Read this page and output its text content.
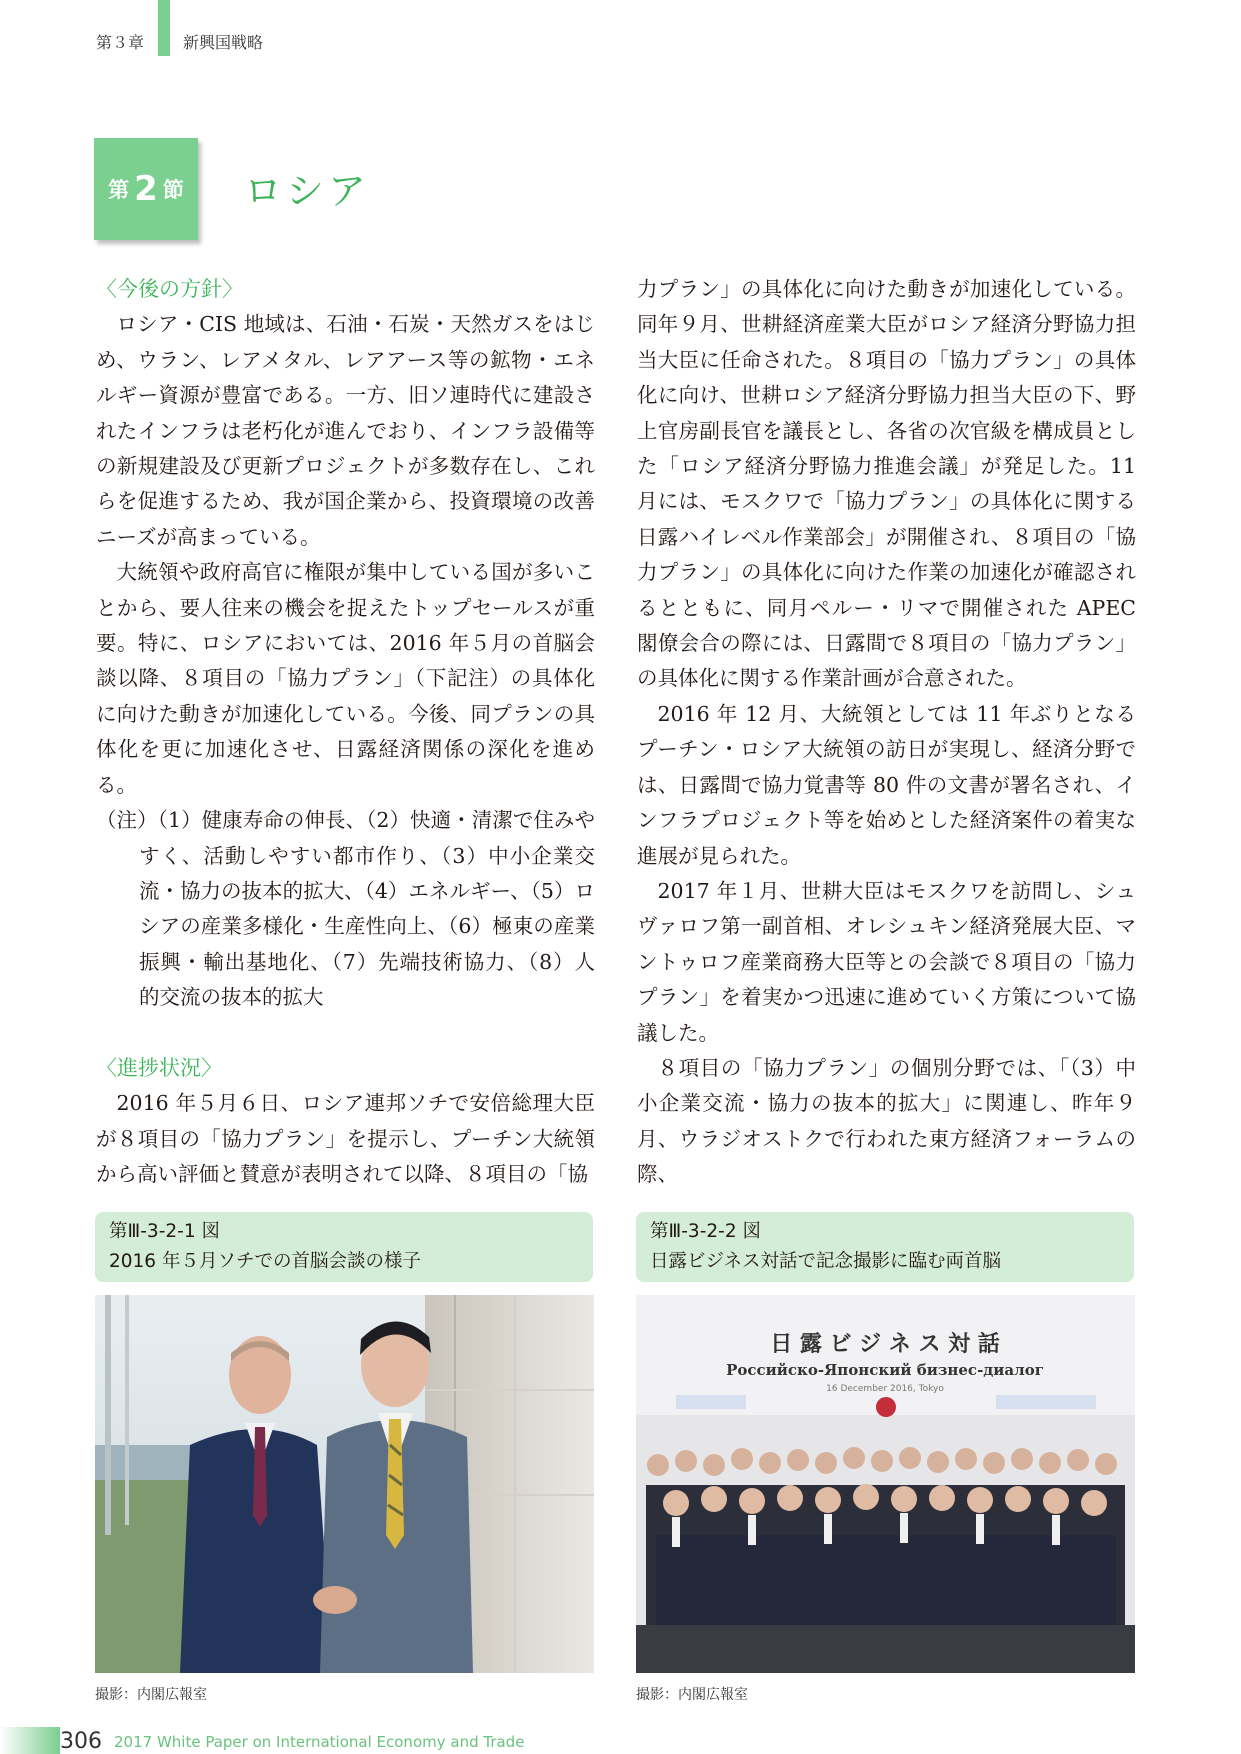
第３章 新興国戦略
第 2 節 ロシア

〈今後の方針〉

ロシア・CIS 地域は、石油・石炭・天然ガスをはじめ、ウラン、レアメタル、レアアース等の鉱物・エネルギー資源が豊富である。一方、旧ソ連時代に建設されたインフラは老朽化が進んでおり、インフラ設備等の新規建設及び更新プロジェクトが多数存在し、これらを促進するため、我が国企業から、投資環境の改善ニーズが高まっている。

大統領や政府高官に権限が集中している国が多いことから、要人往来の機会を捉えたトップセールスが重要。特に、ロシアにおいては、2016 年５月の首脳会談以降、８項目の「協力プラン」（下記注）の具体化に向けた動きが加速化している。今後、同プランの具体化を更に加速化させ、日露経済関係の深化を進める。

（注）（1）健康寿命の伸長、（2）快適・清潔で住みやすく、活動しやすい都市作り、（3）中小企業交流・協力の抜本的拡大、（4）エネルギー、（5）ロシアの産業多様化・生産性向上、（6）極東の産業振興・輸出基地化、（7）先端技術協力、（8）人的交流の抜本的拡大

〈進捗状況〉

2016 年５月６日、ロシア連邦ソチで安倍総理大臣が８項目の「協力プラン」を提示し、プーチン大統領から高い評価と賛意が表明されて以降、８項目の「協

力プラン」の具体化に向けた動きが加速化している。同年９月、世耕経済産業大臣がロシア経済分野協力担当大臣に任命された。８項目の「協力プラン」の具体化に向け、世耕ロシア経済分野協力担当大臣の下、野上官房副長官を議長とし、各省の次官級を構成員とした「ロシア経済分野協力推進会議」が発足した。11 月には、モスクワで「協力プラン」の具体化に関する日露ハイレベル作業部会」が開催され、８項目の「協力プラン」の具体化に向けた作業の加速化が確認されるとともに、同月ペルー・リマで開催された APEC 閣僚会合の際には、日露間で８項目の「協力プラン」の具体化に関する作業計画が合意された。

2016 年 12 月、大統領としては 11 年ぶりとなるプーチン・ロシア大統領の訪日が実現し、経済分野では、日露間で協力覚書等 80 件の文書が署名され、インフラプロジェクト等を始めとした経済案件の着実な進展が見られた。

2017 年１月、世耕大臣はモスクワを訪問し、シュヴァロフ第一副首相、オレシュキン経済発展大臣、マントゥロフ産業商務大臣等との会談で８項目の「協力プラン」を着実かつ迅速に進めていく方策について協議した。

８項目の「協力プラン」の個別分野では、「（3）中小企業交流・協力の抜本的拡大」に関連し、昨年９月、ウラジオストクで行われた東方経済フォーラムの際、

第Ⅲ-3-2-1 図
2016 年５月ソチでの首脳会談の様子
撮影：内閣広報室
第Ⅲ-3-2-2 図
日露ビジネス対話で記念撮影に臨む両首脳
日 露 ビ ジ ネ ス 対 話
Российско-Японский бизнес-диалог
16 December 2016, Tokyo
撮影：内閣広報室
306 2017 White Paper on International Economy and Trade
